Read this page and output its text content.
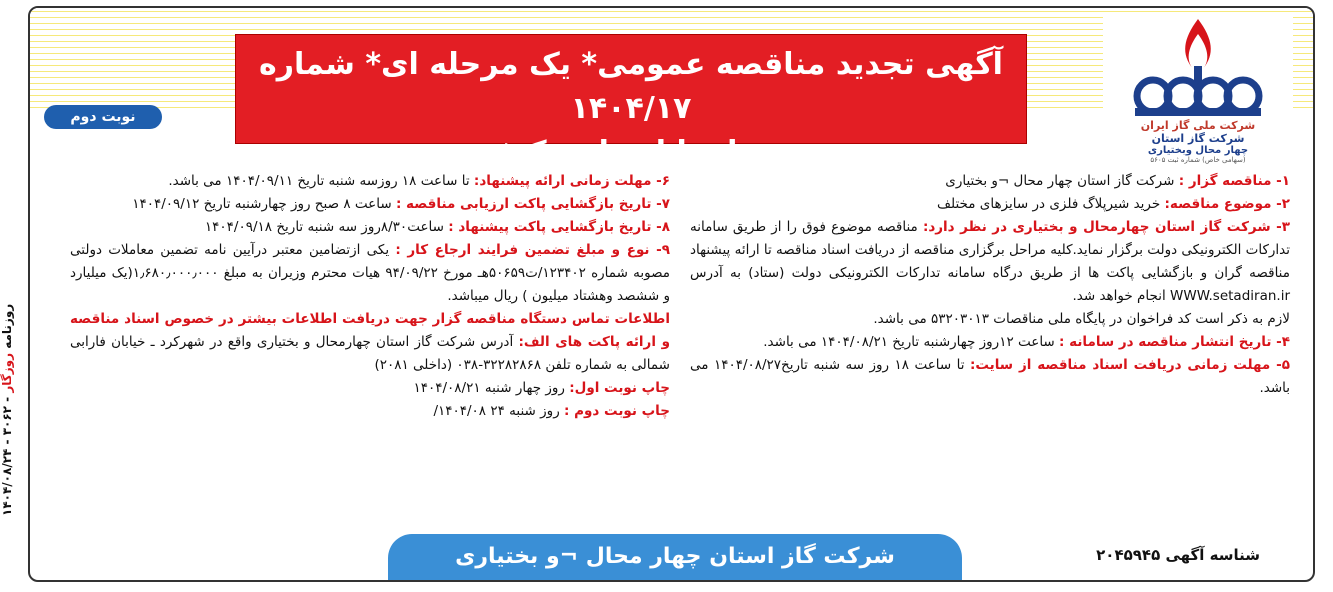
شرکت ملی گاز ایران
شرکت گاز استان
چهار محال وبختیاری
(سهامی خاص) شماره ثبت ۵۶۰۵
آگهی تجدید مناقصه عمومی* یک مرحله ای* شماره ۱۴۰۴/۱۷
همراه با ارزیابی کیفی
نوبت دوم

۱- مناقصه گزار : شرکت گاز استان چهار محال ¬و بختیاری

۲- موضوع مناقصه: خرید شیرپلاگ فلزی در سایزهای مختلف

۳- شرکت گاز استان چهارمحال و بختیاری در نظر دارد: مناقصه موضوع فوق را از طریق سامانه تدارکات الکترونیکی دولت برگزار نماید.کلیه مراحل برگزاری مناقصه از دریافت اسناد مناقصه تا ارائه پیشنهاد مناقصه گران و بازگشایی پاکت ها از طریق درگاه سامانه تدارکات الکترونیکی دولت (ستاد) به آدرس WWW.setadiran.ir انجام خواهد شد.

لازم به ذکر است کد فراخوان در پایگاه ملی مناقصات ۵۳۲۰۳۰۱۳ می باشد.

۴- تاریخ انتشار مناقصه در سامانه : ساعت ۱۲روز چهارشنبه تاریخ ۱۴۰۴/۰۸/۲۱ می باشد.

۵- مهلت زمانی دریافت اسناد مناقصه از سایت: تا ساعت ۱۸ روز سه شنبه تاریخ۱۴۰۴/۰۸/۲۷ می باشد.

۶- مهلت زمانی ارائه پیشنهاد: تا ساعت ۱۸ روزسه شنبه تاریخ ۱۴۰۴/۰۹/۱۱ می باشد.

۷- تاریخ بازگشایی پاکت ارزیابی مناقصه : ساعت ۸ صبح روز چهارشنبه تاریخ ۱۴۰۴/۰۹/۱۲

۸- تاریخ بازگشایی پاکت پیشنهاد : ساعت۸/۳۰روز سه شنبه تاریخ ۱۴۰۴/۰۹/۱۸

۹- نوع و مبلغ تضمین فرایند ارجاع کار : یکی ازتضامین معتبر درآیین نامه تضمین معاملات دولتی مصوبه شماره ۱۲۳۴۰۲/ت۵۰۶۵۹هـ مورخ ۹۴/۰۹/۲۲ هیات محترم وزیران به مبلغ ۱٫۶۸۰٫۰۰۰٫۰۰۰(یک میلیارد و ششصد وهشتاد میلیون ) ریال میباشد.

اطلاعات تماس دستگاه مناقصه گزار جهت دریافت اطلاعات بیشتر در خصوص اسناد مناقصه و ارائه پاکت های الف: آدرس شرکت گاز استان چهارمحال و بختیاری واقع در شهرکرد ـ خیابان فارابی شمالی به شماره تلفن ۳۲۲۸۲۸۶۸-۰۳۸ (داخلی ۲۰۸۱)

چاپ نوبت اول: روز چهار شنبه ۱۴۰۴/۰۸/۲۱

چاپ نوبت دوم : روز شنبه ۲۴ ۱۴۰۴/۰۸/

شرکت گاز استان چهار محال ¬و بختیاری	شناسه آگهی ۲۰۴۵۹۴۵
روزنامه روزگار - ۳۰۶۲ - ۱۴۰۴/۰۸/۲۴
